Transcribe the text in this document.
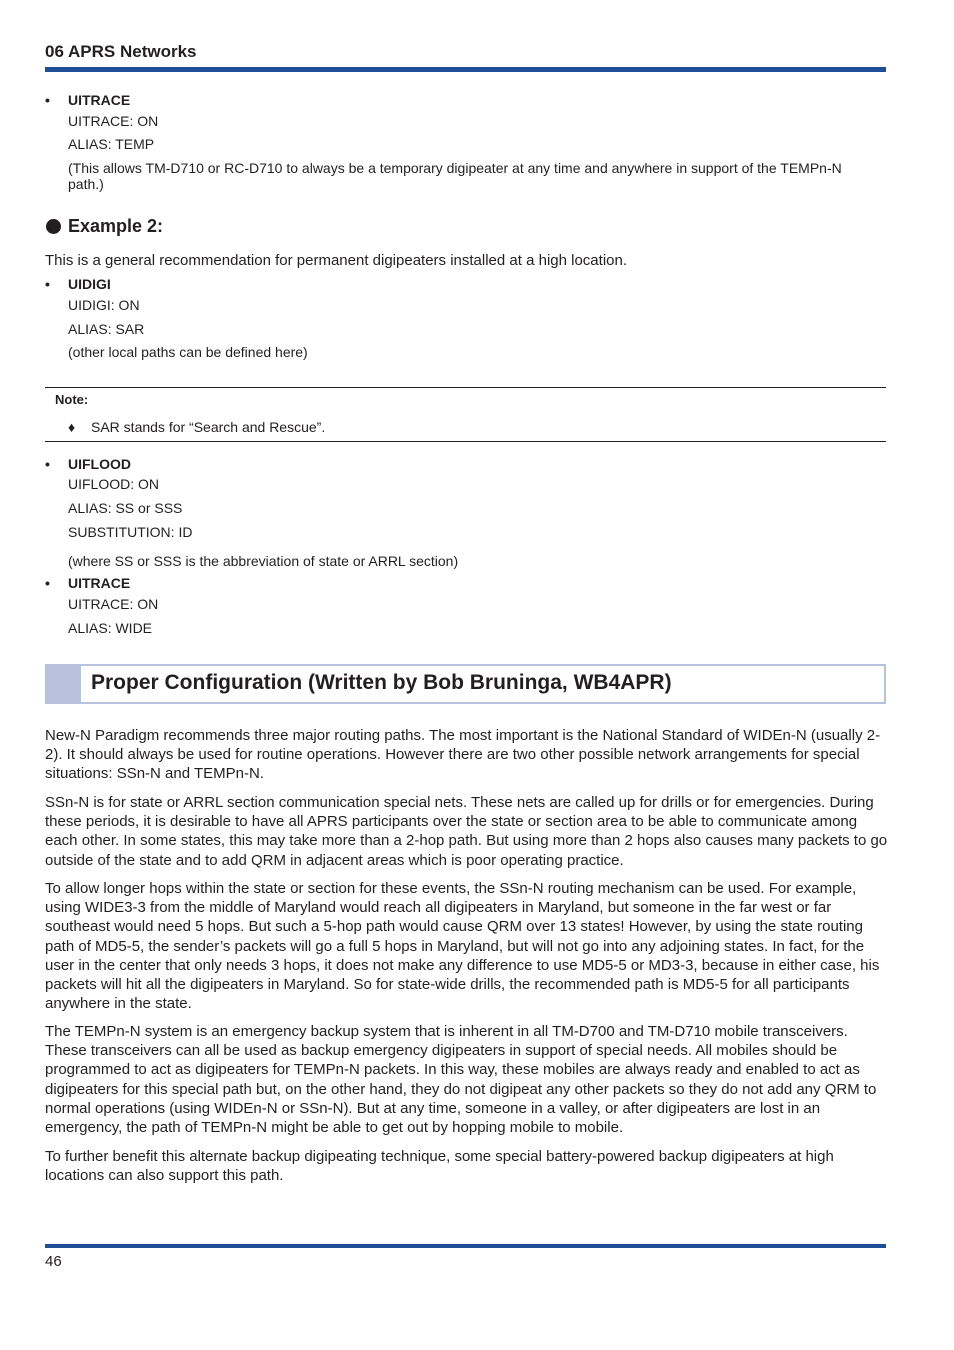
06 APRS Networks
• UITRACE
UITRACE: ON
ALIAS: TEMP
(This allows TM-D710 or RC-D710 to always be a temporary digipeater at any time and anywhere in support of the TEMPn-N path.)
Example 2:
This is a general recommendation for permanent digipeaters installed at a high location.
• UIDIGI
UIDIGI: ON
ALIAS: SAR
(other local paths can be defined here)
Note:
♦ SAR stands for “Search and Rescue”.
• UIFLOOD
UIFLOOD: ON
ALIAS: SS or SSS
SUBSTITUTION: ID
(where SS or SSS is the abbreviation of state or ARRL section)
• UITRACE
UITRACE: ON
ALIAS: WIDE
Proper Configuration (Written by Bob Bruninga, WB4APR)
New-N Paradigm recommends three major routing paths. The most important is the National Standard of WIDEn-N (usually 2-2). It should always be used for routine operations. However there are two other possible network arrangements for special situations: SSn-N and TEMPn-N.
SSn-N is for state or ARRL section communication special nets. These nets are called up for drills or for emergencies. During these periods, it is desirable to have all APRS participants over the state or section area to be able to communicate among each other. In some states, this may take more than a 2-hop path. But using more than 2 hops also causes many packets to go outside of the state and to add QRM in adjacent areas which is poor operating practice.
To allow longer hops within the state or section for these events, the SSn-N routing mechanism can be used. For example, using WIDE3-3 from the middle of Maryland would reach all digipeaters in Maryland, but someone in the far west or far southeast would need 5 hops. But such a 5-hop path would cause QRM over 13 states! However, by using the state routing path of MD5-5, the sender’s packets will go a full 5 hops in Maryland, but will not go into any adjoining states. In fact, for the user in the center that only needs 3 hops, it does not make any difference to use MD5-5 or MD3-3, because in either case, his packets will hit all the digipeaters in Maryland. So for state-wide drills, the recommended path is MD5-5 for all participants anywhere in the state.
The TEMPn-N system is an emergency backup system that is inherent in all TM-D700 and TM-D710 mobile transceivers. These transceivers can all be used as backup emergency digipeaters in support of special needs. All mobiles should be programmed to act as digipeaters for TEMPn-N packets. In this way, these mobiles are always ready and enabled to act as digipeaters for this special path but, on the other hand, they do not digipeat any other packets so they do not add any QRM to normal operations (using WIDEn-N or SSn-N). But at any time, someone in a valley, or after digipeaters are lost in an emergency, the path of TEMPn-N might be able to get out by hopping mobile to mobile.
To further benefit this alternate backup digipeating technique, some special battery-powered backup digipeaters at high locations can also support this path.
46
